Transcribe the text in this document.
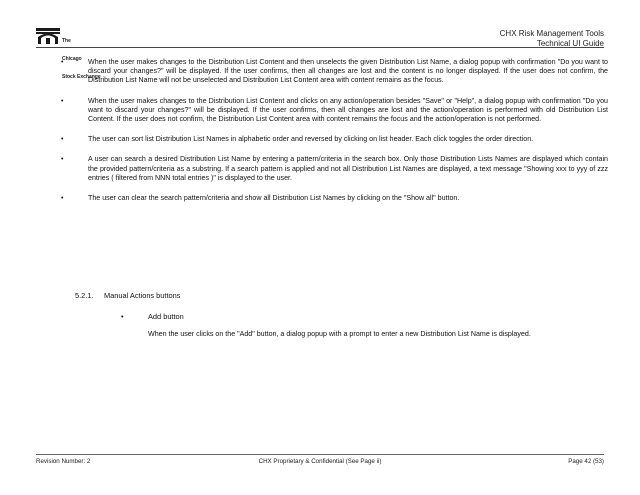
The

Chicago

Stock Exchange

CHX Risk Management Tools
Technical UI Guide
•	When the user makes changes to the Distribution List Content and then unselects the given Distribution List Name, a dialog popup with confirmation "Do you want to discard your changes?" will be displayed. If the user confirms, then all changes are lost and the content is no longer displayed. If the user does not confirm, the Distribution List Name will not be unselected and Distribution List Content area with content remains as the focus.
•	When the user makes changes to the Distribution List Content and clicks on any action/operation besides "Save" or "Help", a dialog popup with confirmation "Do you want to discard your changes?" will be displayed. If the user confirms, then all changes are lost and the action/operation is performed with old Distribution List Content. If the user does not confirm, the Distribution List Content area with content remains the focus and the action/operation is not performed.
•	The user can sort list Distribution List Names in alphabetic order and reversed by clicking on list header. Each click toggles the order direction.
•	A user can search a desired Distribution List Name by entering a pattern/criteria in the search box. Only those Distribution Lists Names are displayed which contain the provided pattern/criteria as a substring. If a search pattern is applied and not all Distribution List Names are displayed, a text message "Showing xxx to yyy of zzz entries ( filtered from NNN total entries )" is displayed to the user.
•	The user can clear the search pattern/criteria and show all Distribution List Names by clicking on the "Show all" button.
5.2.1. Manual Actions buttons
•	Add button
When the user clicks on the "Add" button, a dialog popup with a prompt to enter a new Distribution List Name is displayed.
Revision Number: 2	CHX Proprietary & Confidential (See Page ii)	Page 42 (53)
